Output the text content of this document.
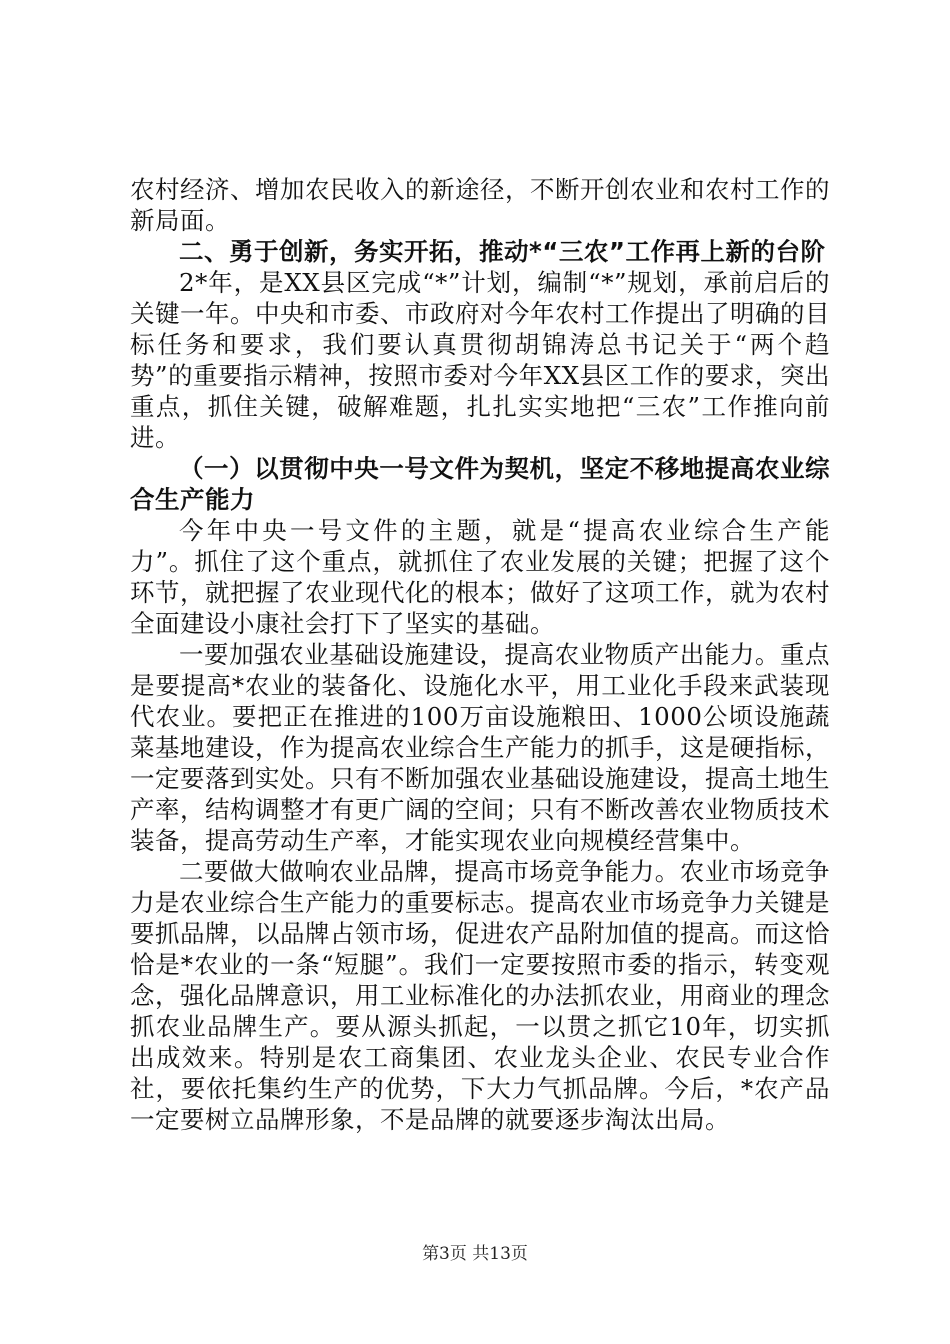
农村经济、增加农民收入的新途径，不断开创农业和农村工作的新局面。

二、勇于创新，务实开拓，推动*“三农”工作再上新的台阶

2*年，是XX县区完成“*”计划，编制“*”规划，承前启后的关键一年。中央和市委、市政府对今年农村工作提出了明确的目标任务和要求，我们要认真贯彻胡锦涛总书记关于“两个趋势”的重要指示精神，按照市委对今年XX县区工作的要求，突出重点，抓住关键，破解难题，扎扎实实地把“三农”工作推向前进。

（一）以贯彻中央一号文件为契机，坚定不移地提高农业综合生产能力

今年中央一号文件的主题，就是“提高农业综合生产能力”。抓住了这个重点，就抓住了农业发展的关键；把握了这个环节，就把握了农业现代化的根本；做好了这项工作，就为农村全面建设小康社会打下了坚实的基础。

一要加强农业基础设施建设，提高农业物质产出能力。重点是要提高*农业的装备化、设施化水平，用工业化手段来武装现代农业。要把正在推进的100万亩设施粮田、1000公顷设施蔬菜基地建设，作为提高农业综合生产能力的抓手，这是硬指标，一定要落到实处。只有不断加强农业基础设施建设，提高土地生产率，结构调整才有更广阔的空间；只有不断改善农业物质技术装备，提高劳动生产率，才能实现农业向规模经营集中。

二要做大做响农业品牌，提高市场竞争能力。农业市场竞争力是农业综合生产能力的重要标志。提高农业市场竞争力关键是要抓品牌，以品牌占领市场，促进农产品附加值的提高。而这恰恰是*农业的一条“短腿”。我们一定要按照市委的指示，转变观念，强化品牌意识，用工业标准化的办法抓农业，用商业的理念抓农业品牌生产。要从源头抓起，一以贯之抓它10年，切实抓出成效来。特别是农工商集团、农业龙头企业、农民专业合作社，要依托集约生产的优势，下大力气抓品牌。今后，*农产品一定要树立品牌形象，不是品牌的就要逐步淘汰出局。

第3页 共13页
